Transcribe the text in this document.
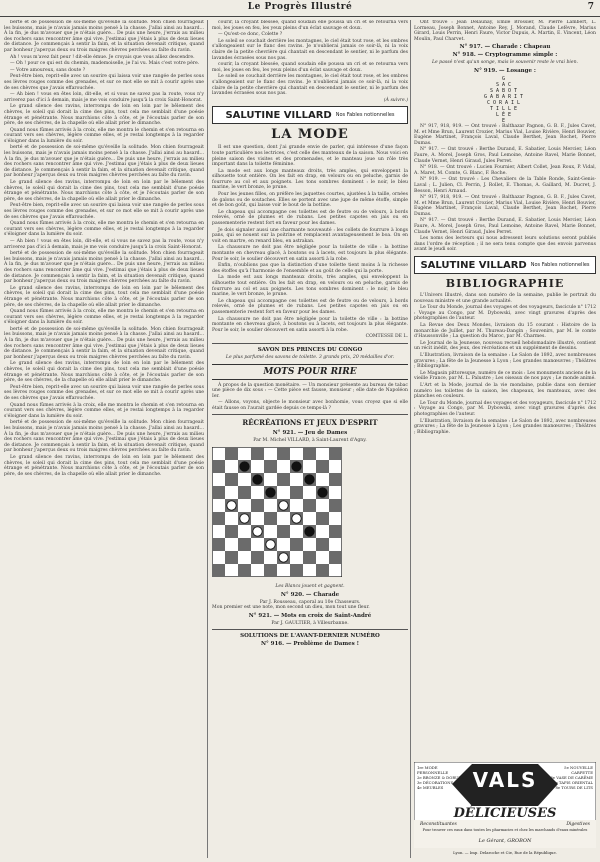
Le Progrès Illustré	7

berté et de possession de soi-même qu'éveille la solitude. Mon chien fourrageait les buissons, mais je n'avais jamais moins pensé à la chasse. J'allai ainsi au hasard... À la fin, je dus m'avouer que je n'étais guère... De puis une heure, j'errais au milieu des rochers sans rencontrer âme qui vive. J'estimai que j'étais à plus de deux lieues de distance. Je commençais à sentir la faim, et la situation devenait critique, quand par bonheur j'aperçus deux ou trois maigres chèvres perchées au faîte du ravin.

Ah ! vous m'avez fait peur ! dit-elle émue. Je croyais que vous alliez descendre.

— Oh ! pour ce qui est du chemin, mademoiselle, je l'ai vu. Mais c'est votre père.

— Votre amoureux, sans doute ?

Peut-être bien, reprit-elle avec un sourire qui laissa voir une rangée de perles sous ses lèvres rouges comme des grenades, et sur ce mot elle se mit à courir après une de ses chèvres que j'avais effarouchée.

— Ah bien ! vous en êtes loin, dit-elle, et si vous ne savez pas la route, vous n'y arriverez pas d'ici à demain, mais je me vois conduire jusqu'à la croix Saint-Honorat.

Le grand silence des ravins, interrompu de loin en loin par le bêlement des chèvres, le soleil qui dorait la cime des pins, tout cela me semblait d'une poésie étrange et pénétrante. Nous marchions côte à côte, et je l'écoutais parler de son père, de ses chèvres, de la chapelle où elle allait prier le dimanche.

Quand nous fûmes arrivés à la croix, elle me montra le chemin et s'en retourna en courant vers ses chèvres, légère comme elles, et je restai longtemps à la regarder s'éloigner dans la lumière du soir.

berté et de possession de soi-même qu'éveille la solitude. Mon chien fourrageait les buissons, mais je n'avais jamais moins pensé à la chasse. J'allai ainsi au hasard... À la fin, je dus m'avouer que je n'étais guère... De puis une heure, j'errais au milieu des rochers sans rencontrer âme qui vive. J'estimai que j'étais à plus de deux lieues de distance. Je commençais à sentir la faim, et la situation devenait critique, quand par bonheur j'aperçus deux ou trois maigres chèvres perchées au faîte du ravin.

Le grand silence des ravins, interrompu de loin en loin par le bêlement des chèvres, le soleil qui dorait la cime des pins, tout cela me semblait d'une poésie étrange et pénétrante. Nous marchions côte à côte, et je l'écoutais parler de son père, de ses chèvres, de la chapelle où elle allait prier le dimanche.

Peut-être bien, reprit-elle avec un sourire qui laissa voir une rangée de perles sous ses lèvres rouges comme des grenades, et sur ce mot elle se mit à courir après une de ses chèvres que j'avais effarouchée.

Quand nous fûmes arrivés à la croix, elle me montra le chemin et s'en retourna en courant vers ses chèvres, légère comme elles, et je restai longtemps à la regarder s'éloigner dans la lumière du soir.

— Ah bien ! vous en êtes loin, dit-elle, et si vous ne savez pas la route, vous n'y arriverez pas d'ici à demain, mais je me vois conduire jusqu'à la croix Saint-Honorat.

berté et de possession de soi-même qu'éveille la solitude. Mon chien fourrageait les buissons, mais je n'avais jamais moins pensé à la chasse. J'allai ainsi au hasard... À la fin, je dus m'avouer que je n'étais guère... De puis une heure, j'errais au milieu des rochers sans rencontrer âme qui vive. J'estimai que j'étais à plus de deux lieues de distance. Je commençais à sentir la faim, et la situation devenait critique, quand par bonheur j'aperçus deux ou trois maigres chèvres perchées au faîte du ravin.

Le grand silence des ravins, interrompu de loin en loin par le bêlement des chèvres, le soleil qui dorait la cime des pins, tout cela me semblait d'une poésie étrange et pénétrante. Nous marchions côte à côte, et je l'écoutais parler de son père, de ses chèvres, de la chapelle où elle allait prier le dimanche.

Quand nous fûmes arrivés à la croix, elle me montra le chemin et s'en retourna en courant vers ses chèvres, légère comme elles, et je restai longtemps à la regarder s'éloigner dans la lumière du soir.

berté et de possession de soi-même qu'éveille la solitude. Mon chien fourrageait les buissons, mais je n'avais jamais moins pensé à la chasse. J'allai ainsi au hasard... À la fin, je dus m'avouer que je n'étais guère... De puis une heure, j'errais au milieu des rochers sans rencontrer âme qui vive. J'estimai que j'étais à plus de deux lieues de distance. Je commençais à sentir la faim, et la situation devenait critique, quand par bonheur j'aperçus deux ou trois maigres chèvres perchées au faîte du ravin.

Le grand silence des ravins, interrompu de loin en loin par le bêlement des chèvres, le soleil qui dorait la cime des pins, tout cela me semblait d'une poésie étrange et pénétrante. Nous marchions côte à côte, et je l'écoutais parler de son père, de ses chèvres, de la chapelle où elle allait prier le dimanche.

Peut-être bien, reprit-elle avec un sourire qui laissa voir une rangée de perles sous ses lèvres rouges comme des grenades, et sur ce mot elle se mit à courir après une de ses chèvres que j'avais effarouchée.

Quand nous fûmes arrivés à la croix, elle me montra le chemin et s'en retourna en courant vers ses chèvres, légère comme elles, et je restai longtemps à la regarder s'éloigner dans la lumière du soir.

berté et de possession de soi-même qu'éveille la solitude. Mon chien fourrageait les buissons, mais je n'avais jamais moins pensé à la chasse. J'allai ainsi au hasard... À la fin, je dus m'avouer que je n'étais guère... De puis une heure, j'errais au milieu des rochers sans rencontrer âme qui vive. J'estimai que j'étais à plus de deux lieues de distance. Je commençais à sentir la faim, et la situation devenait critique, quand par bonheur j'aperçus deux ou trois maigres chèvres perchées au faîte du ravin.

Le grand silence des ravins, interrompu de loin en loin par le bêlement des chèvres, le soleil qui dorait la cime des pins, tout cela me semblait d'une poésie étrange et pénétrante. Nous marchions côte à côte, et je l'écoutais parler de son père, de ses chèvres, de la chapelle où elle allait prier le dimanche.

courir, la croyant blessée, quand soudain elle poussa un cri et se retourna vers moi, les joues en feu, les yeux pleins d'un éclat sauvage et doux.

— Qu'est-ce donc, Colette ?

Le soleil se couchait derrière les montagnes, le ciel était tout rose, et les ombres s'allongeaient sur le flanc des ravins. Je n'oublierai jamais ce soir-là, ni la voix claire de la petite chevrière qui chantait en descendant le sentier, ni le parfum des lavandes écrasées sous nos pas.

courir, la croyant blessée, quand soudain elle poussa un cri et se retourna vers moi, les joues en feu, les yeux pleins d'un éclat sauvage et doux.

Le soleil se couchait derrière les montagnes, le ciel était tout rose, et les ombres s'allongeaient sur le flanc des ravins. Je n'oublierai jamais ce soir-là, ni la voix claire de la petite chevrière qui chantait en descendant le sentier, ni le parfum des lavandes écrasées sous nos pas.

(À suivre.)
SALUTINE VILLARD Nos Fables notionnelles
LA MODE

Il est une question, dont j'ai grande envie de parler, qui intéresse d'une façon toute particulière nos lectrices, c'est celle des manteaux de la saison. Nous voici en pleine saison des visites et des promenades, et le manteau joue un rôle très important dans la toilette féminine.

La mode est aux longs manteaux droits, très amples, qui enveloppent la silhouette tout entière. On les fait en drap, en velours ou en peluche, garnis de fourrure au col et aux poignets. Les tons sombres dominent : le noir, le bleu marine, le vert bronze, le prune.

Pour les jeunes filles, on préfère les jaquettes courtes, ajustées à la taille, ornées de galons ou de soutaches. Elles se portent avec une jupe de même étoffe, simple et de bon goût, qui laisse voir le bout de la bottine.

Le chapeau qui accompagne ces toilettes est de feutre ou de velours, à bords relevés, orné de plumes et de rubans. Les petites capotes en jais ou en passementerie restent fort en faveur pour les dames.

Je dois signaler aussi une charmante nouveauté : les collets de fourrure à longs pans, qui se nouent sur la poitrine et remplacent avantageusement le boa. On en voit en martre, en renard bleu, en astrakan.

La chaussure ne doit pas être négligée pour la toilette de ville : la bottine montante en chevreau glacé, à boutons ou à lacets, est toujours la plus élégante. Pour le soir, le soulier découvert en satin assorti à la robe.

Enfin, n'oublions pas que la distinction d'une toilette tient moins à la richesse des étoffes qu'à l'harmonie de l'ensemble et au goût de celle qui la porte.

La mode est aux longs manteaux droits, très amples, qui enveloppent la silhouette tout entière. On les fait en drap, en velours ou en peluche, garnis de fourrure au col et aux poignets. Les tons sombres dominent : le noir, le bleu marine, le vert bronze, le prune.

Le chapeau qui accompagne ces toilettes est de feutre ou de velours, à bords relevés, orné de plumes et de rubans. Les petites capotes en jais ou en passementerie restent fort en faveur pour les dames.

La chaussure ne doit pas être négligée pour la toilette de ville : la bottine montante en chevreau glacé, à boutons ou à lacets, est toujours la plus élégante. Pour le soir, le soulier découvert en satin assorti à la robe.

COMTESSE DE L.
SAVON DES PRINCES DU CONGO
Le plus parfumé des savons de toilette. 3 grands prix, 20 médailles d'or.
MOTS POUR RIRE

À propos de la question monétaire. — Un monsieur présente au bureau de tabac une pièce de dix sous : — Cette pièce est fausse, monsieur ; elle date de Napoléon Ier.

— Allons, voyons, objecte le monsieur avec bonhomie, vous croyez que si elle était fausse on l'aurait gardée depuis ce temps-là ?

RÉCRÉATIONS ET JEUX D'ESPRIT
N° 921. — Jeu de Dames
Par M. Michel VILLARD, à Saint-Laurent d'Agny.
Les Blancs jouent et gagnent.
N° 920. — Charade
Par J. Rousseau, caporal au 10e Chasseurs.
Mon premier est une note, mon second un dieu, mon tout une fleur.
N° 921. — Mots en croix de Saint-André
Par J. GAULTIER, à Villeurbanne.
SOLUTIONS DE L'AVANT-DERNIER NUMÉRO
N° 916. — Problème de Dames !

Ont trouvé : Jean Delaunay, Émile Brossier, M. Pierre Lambert, L. Lormeau, Joseph Bonnet, Antoine Rey, J. Morand, Claude Lefèvre, Marius Girard, Louis Perrin, Henri Faure, Victor Dupuis, A. Martin, E. Vincent, Léon Moulin, Paul Charvet.

N° 917. — Charade : Chapeau
N° 918. — Cryptogramme simple :
Le passé n'est qu'un songe, mais le souvenir reste le vrai bien.
N° 919. — Losange :
G
SAC
SABOT
GABARIT
CORAIL
TILLE
LÉE
E

N° 917, 918, 919. — Ont trouvé : Balthazar Pagnon, G. B. F., Jules Cavet, M. et Mme Brun, Laurent Crozier, Marius Vial, Louise Rivière, Henri Bouvier, Eugène Martinet, François Laval, Claude Berthet, Jean Rochet, Pierre Dumas.

N° 917. — Ont trouvé : Berthe Durand, E. Sabatier, Louis Mercier, Léon Faure, A. Morel, Joseph Gros, Paul Lemoine, Antoine Ravel, Marie Bonnet, Claude Vernet, Henri Giraud, Jules Perret.

N° 918. — Ont trouvé : Lucien Fournier, Albert Collet, Jean Roux, P. Vidal, A. Maret, M. Comte, G. Blanc, F. Roche.

N° 919. — Ont trouvé : Les Chevaliers de la Table Ronde, Saint-Genis-Laval ; L. Julien, Cl. Perrin, J. Rollet, E. Thomas, A. Gaillard, M. Ducret, J. Besson, Henri Arnaud.

N° 917, 918, 919. — Ont trouvé : Balthazar Pagnon, G. B. F., Jules Cavet, M. et Mme Brun, Laurent Crozier, Marius Vial, Louise Rivière, Henri Bouvier, Eugène Martinet, François Laval, Claude Berthet, Jean Rochet, Pierre Dumas.

N° 917. — Ont trouvé : Berthe Durand, E. Sabatier, Louis Mercier, Léon Faure, A. Morel, Joseph Gros, Paul Lemoine, Antoine Ravel, Marie Bonnet, Claude Vernet, Henri Giraud, Jules Perret.

Les noms des lecteurs qui nous adressent leurs solutions seront publiés dans l'ordre de réception ; il ne sera tenu compte que des envois parvenus avant le jeudi soir.

SALUTINE VILLARD Nos Fables notionnelles
BIBLIOGRAPHIE

L'Univers Illustré, dans son numéro de la semaine, publie le portrait du nouveau ministre et une grande actualité.

Le Tour du Monde, journal des voyages et des voyageurs, fascicule n° 1712 : Voyage au Congo, par M. Dybowski, avec vingt gravures d'après des photographies de l'auteur.

La Revue des Deux Mondes, livraison du 15 courant : Histoire de la monarchie de Juillet, par M. Thureau-Dangin ; Souvenirs, par M. le comte d'Haussonville ; La question du Maroc, par M. Charmes.

Le Journal de la Jeunesse, nouveau recueil hebdomadaire illustré, contient un récit inédit, des jeux, des récréations et un supplément de dessins.

L'Illustration, livraison de la semaine : Le Salon de 1892, avec nombreuses gravures ; La fête de la Jeunesse à Lyon ; Les grandes manœuvres ; Théâtres ; Bibliographie.

Le Magasin pittoresque, numéro de ce mois : Les monuments anciens de la vieille France, par M. L. Palustre ; Les oiseaux de nos pays ; Le monde animé.

L'Art et la Mode, journal de la vie mondaine, publie dans son dernier numéro les toilettes de la saison, les chapeaux, les manteaux, avec des planches en couleurs.

Le Tour du Monde, journal des voyages et des voyageurs, fascicule n° 1712 : Voyage au Congo, par M. Dybowski, avec vingt gravures d'après des photographies de l'auteur.

L'Illustration, livraison de la semaine : Le Salon de 1892, avec nombreuses gravures ; La fête de la Jeunesse à Lyon ; Les grandes manœuvres ; Théâtres ; Bibliographie.

1re MODE PERSONNELLE
2e BRONZE & DORURE
3e DÉCORATIONS
4e MEUBLES
5e NOUVELLE CARPETTE
6e VASE DE CARÊME
7e TAPIS ORIENTAL
8e TOURS DE LITS
VALS
DÉLICIEUSES
Reconstituantes	Digestives
Pour trouver ces eaux dans toutes les pharmacies et chez les marchands d'eaux minérales
Le Gérant, GROBON
Lyon. — Imp. Delaroche et Cie, Rue de la République.
